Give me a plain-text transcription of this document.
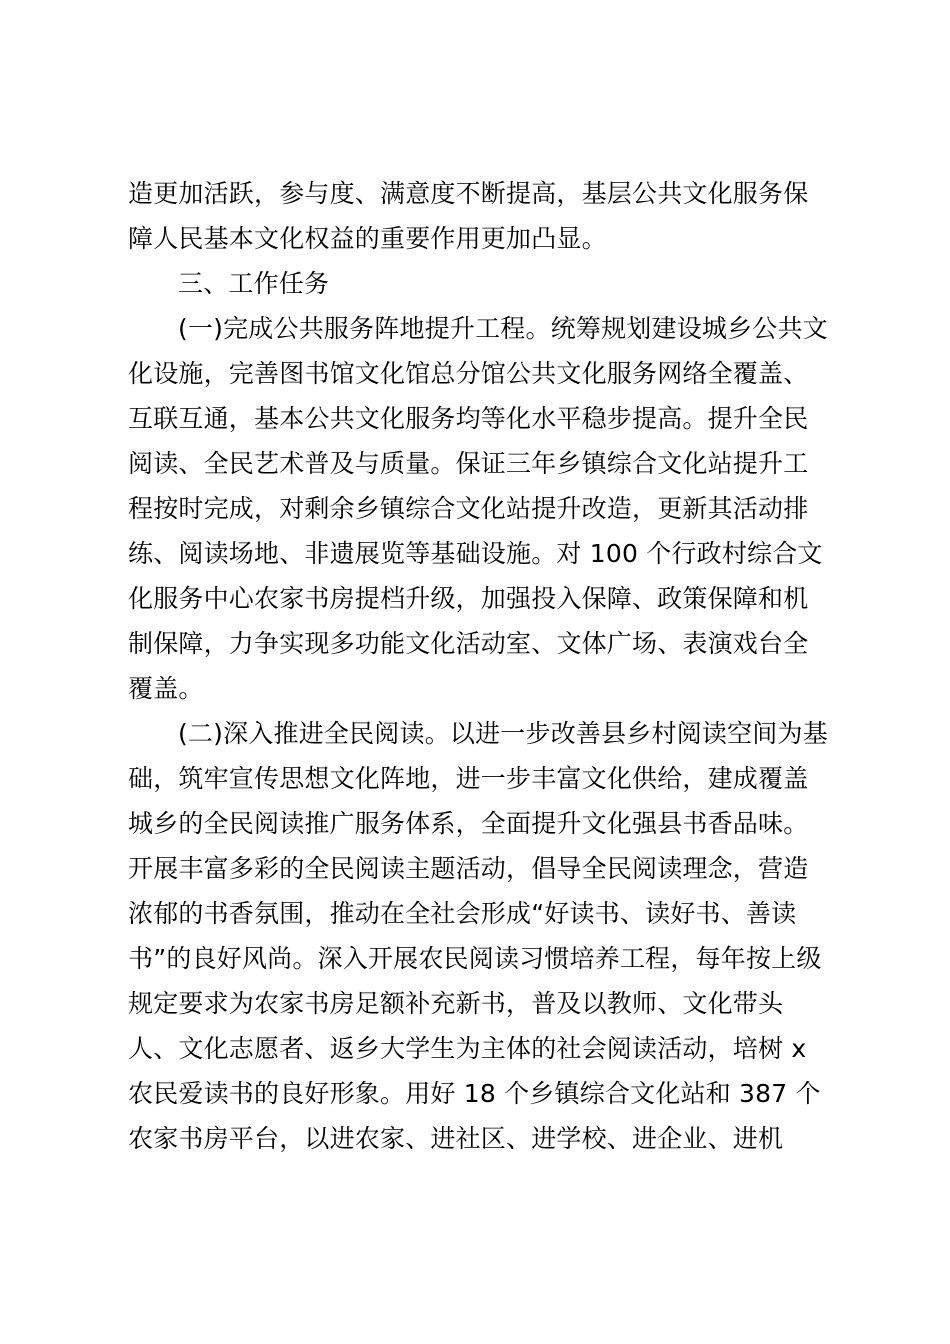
造更加活跃，参与度、满意度不断提高，基层公共文化服务保
障人民基本文化权益的重要作用更加凸显。
三、工作任务
(一)完成公共服务阵地提升工程。统筹规划建设城乡公共文
化设施，完善图书馆文化馆总分馆公共文化服务网络全覆盖、
互联互通，基本公共文化服务均等化水平稳步提高。提升全民
阅读、全民艺术普及与质量。保证三年乡镇综合文化站提升工
程按时完成，对剩余乡镇综合文化站提升改造，更新其活动排
练、阅读场地、非遗展览等基础设施。对 100 个行政村综合文
化服务中心农家书房提档升级，加强投入保障、政策保障和机
制保障，力争实现多功能文化活动室、文体广场、表演戏台全
覆盖。
(二)深入推进全民阅读。以进一步改善县乡村阅读空间为基
础，筑牢宣传思想文化阵地，进一步丰富文化供给，建成覆盖
城乡的全民阅读推广服务体系，全面提升文化强县书香品味。
开展丰富多彩的全民阅读主题活动，倡导全民阅读理念，营造
浓郁的书香氛围，推动在全社会形成“好读书、读好书、善读
书”的良好风尚。深入开展农民阅读习惯培养工程，每年按上级
规定要求为农家书房足额补充新书，普及以教师、文化带头
人、文化志愿者、返乡大学生为主体的社会阅读活动，培树 x
农民爱读书的良好形象。用好 18 个乡镇综合文化站和 387 个
农家书房平台，以进农家、进社区、进学校、进企业、进机
